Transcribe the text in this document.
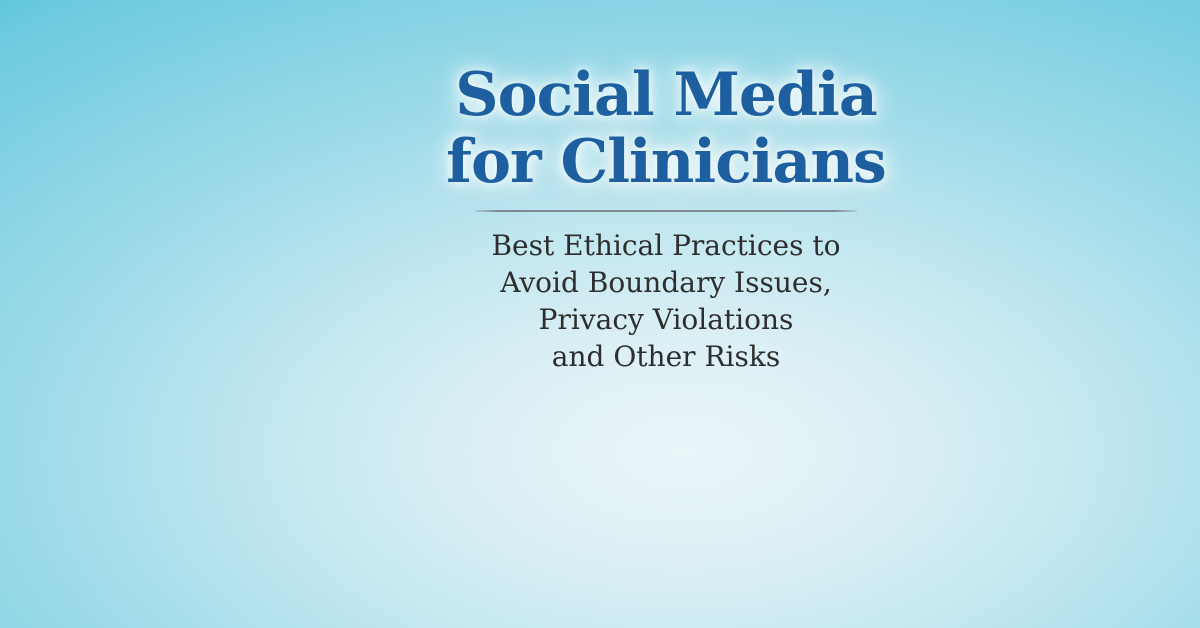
Social Media
for Clinicians

Best Ethical Practices to
Avoid Boundary Issues,
Privacy Violations
and Other Risks
